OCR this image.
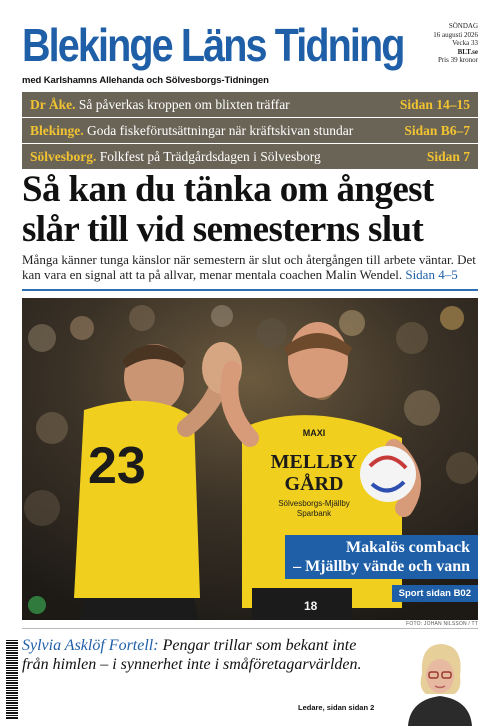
Blekinge Läns Tidning	SÖNDAG
16 augusti 2026
Vecka 33
BLT.se
Pris 39 kronor
med Karlshamns Allehanda och Sölvesborgs-Tidningen
Dr Åke. Så påverkas kroppen om blixten träffar	Sidan 14–15
Blekinge. Goda fiskeförutsättningar när kräftskivan stundar	Sidan B6–7
Sölvesborg. Folkfest på Trädgårdsdagen i Sölvesborg	Sidan 7
Så kan du tänka om ångest
slår till vid semesterns slut

Många känner tunga känslor när semestern är slut och återgången till arbete väntar. Det kan vara en signal att ta på allvar, menar mentala coachen Malin Wendel. Sidan 4–5

23
MAXI
MELLBY
GÅRD
Sölvesborgs-Mjällby
Sparbank
18
Makalös comback
– Mjällby vände och vann
Sport sidan B02
FOTO: JOHAN NILSSON / TT

Sylvia Asklöf Fortell: Pengar trillar som bekant inte från himlen – i synnerhet inte i småföretagarvärlden.

Ledare, sidan sidan 2
